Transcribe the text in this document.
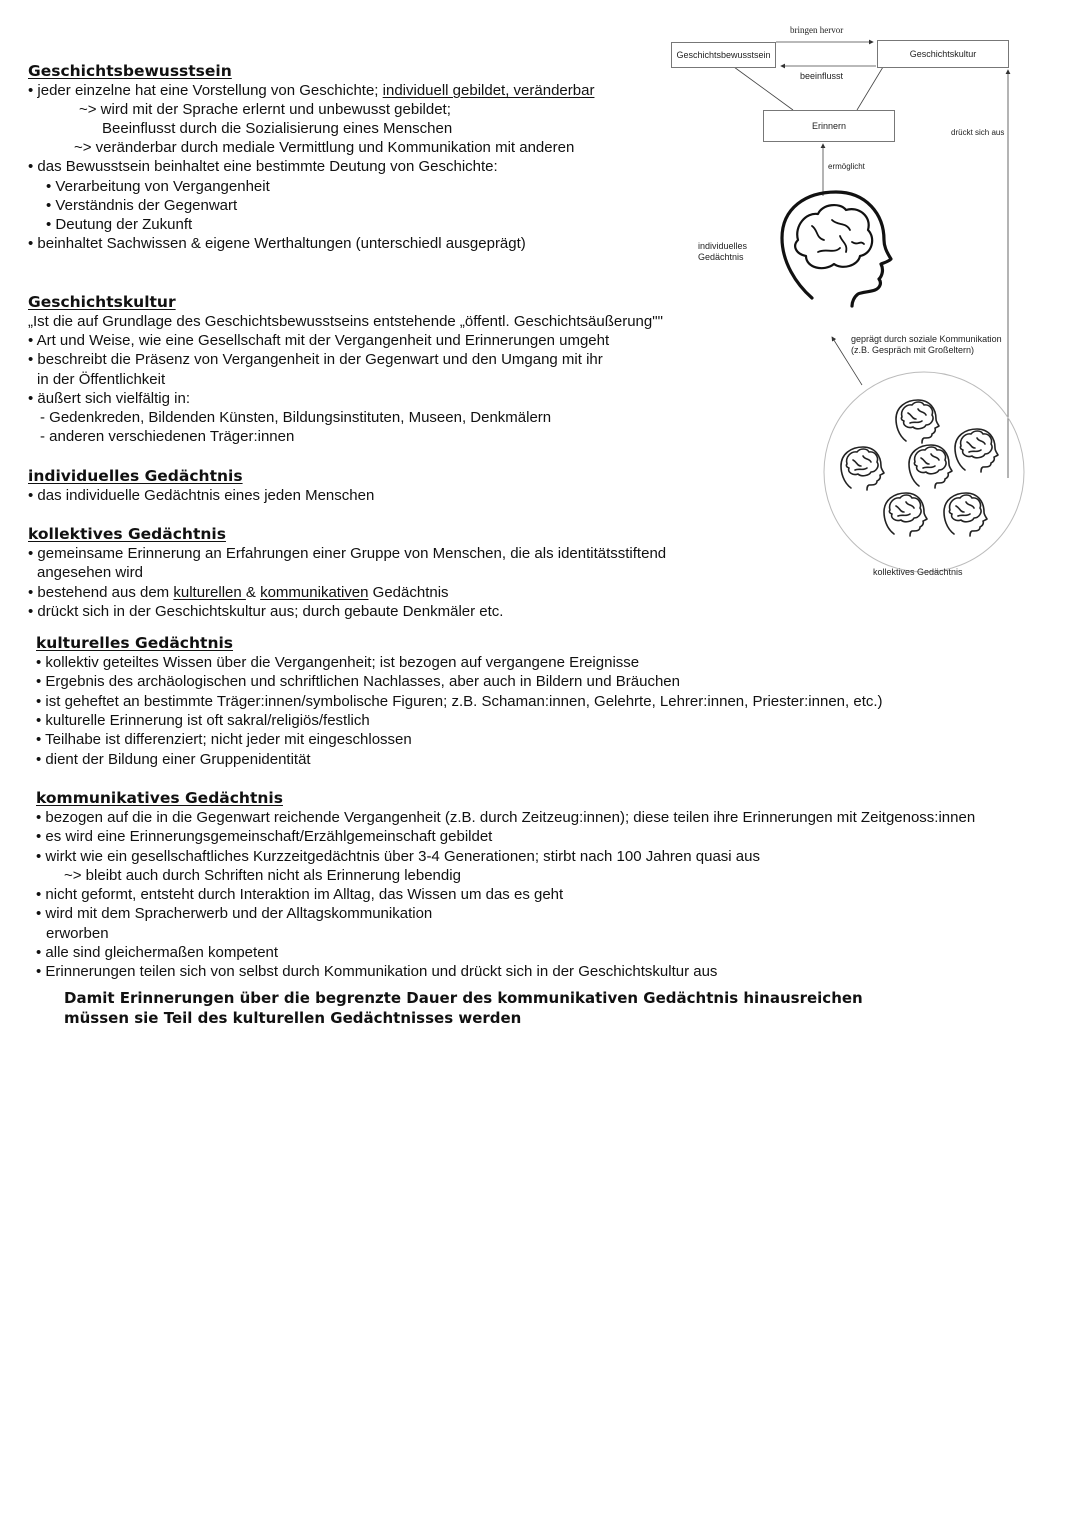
Geschichtsbewusstsein
• jeder einzelne hat eine Vorstellung von Geschichte; individuell gebildet, veränderbar
~> wird mit der Sprache erlernt und unbewusst gebildet;
Beeinflusst durch die Sozialisierung eines Menschen
~> veränderbar durch mediale Vermittlung und Kommunikation mit anderen
• das Bewusstsein beinhaltet eine bestimmte Deutung von Geschichte:
• Verarbeitung von Vergangenheit
• Verständnis der Gegenwart
• Deutung der Zukunft
• beinhaltet Sachwissen & eigene Werthaltungen (unterschiedl ausgeprägt)
Geschichtskultur
„Ist die auf Grundlage des Geschichtsbewusstseins entstehende „öffentl. Geschichtsäußerung""
• Art und Weise, wie eine Gesellschaft mit der Vergangenheit und Erinnerungen umgeht
• beschreibt die Präsenz von Vergangenheit in der Gegenwart und den Umgang mit ihr
in der Öffentlichkeit
• äußert sich vielfältig in:
- Gedenkreden, Bildenden Künsten, Bildungsinstituten, Museen, Denkmälern
- anderen verschiedenen Träger:innen
individuelles Gedächtnis
• das individuelle Gedächtnis eines jeden Menschen
kollektives Gedächtnis
• gemeinsame Erinnerung an Erfahrungen einer Gruppe von Menschen, die als identitätsstiftend
angesehen wird
• bestehend aus dem kulturellen & kommunikativen Gedächtnis
• drückt sich in der Geschichtskultur aus; durch gebaute Denkmäler etc.
kulturelles Gedächtnis
• kollektiv geteiltes Wissen über die Vergangenheit; ist bezogen auf vergangene Ereignisse
• Ergebnis des archäologischen und schriftlichen Nachlasses, aber auch in Bildern und Bräuchen
• ist geheftet an bestimmte Träger:innen/symbolische Figuren; z.B. Schaman:innen, Gelehrte, Lehrer:innen, Priester:innen, etc.)
• kulturelle Erinnerung ist oft sakral/religiös/festlich
• Teilhabe ist differenziert; nicht jeder mit eingeschlossen
• dient der Bildung einer Gruppenidentität
kommunikatives Gedächtnis
• bezogen auf die in die Gegenwart reichende Vergangenheit (z.B. durch Zeitzeug:innen); diese teilen ihre Erinnerungen mit Zeitgenoss:innen
• es wird eine Erinnerungsgemeinschaft/Erzählgemeinschaft gebildet
• wirkt wie ein gesellschaftliches Kurzzeitgedächtnis über 3-4 Generationen; stirbt nach 100 Jahren quasi aus
~> bleibt auch durch Schriften nicht als Erinnerung lebendig
• nicht geformt, entsteht durch Interaktion im Alltag, das Wissen um das es geht
• wird mit dem Spracherwerb und der Alltagskommunikation
erworben
• alle sind gleichermaßen kompetent
• Erinnerungen teilen sich von selbst durch Kommunikation und drückt sich in der Geschichtskultur aus
Damit Erinnerungen über die begrenzte Dauer des kommunikativen Gedächtnis hinausreichen
müssen sie Teil des kulturellen Gedächtnisses werden
Geschichtsbewusstsein	Geschichtskultur
Erinnern
bringen hervor
beeinflusst
drückt sich aus
ermöglicht
individuelles
Gedächtnis
geprägt durch soziale Kommunikation
(z.B. Gespräch mit Großeltern)
kollektives Gedächtnis
